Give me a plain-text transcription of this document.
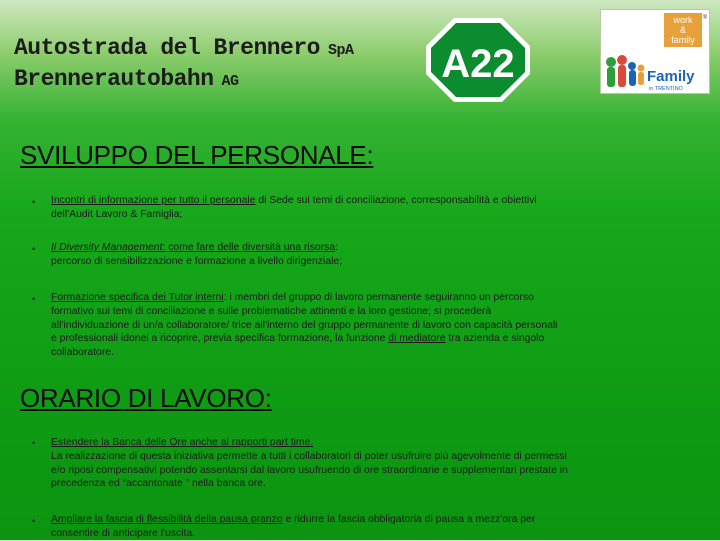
Autostrada del Brennero SpA
Brennerautobahn AG	A22
work
&
family
®
Family
in TRENTINO
SVILUPPO DEL PERSONALE:
• Incontri di informazione per tutto il personale di Sede sui temi di conciliazione, corresponsabilità e obiettivi
dell'Audit Lavoro & Famiglia;
• Il Diversity Management: come fare delle diversità una risorsa:
percorso di sensibilizzazione e formazione a livello dirigenziale;
• Formazione specifica dei Tutor interni: i membri del gruppo di lavoro permanente seguiranno un percorso
formativo sui temi di conciliazione e sulle problematiche attinenti e la loro gestione; si procederà
all'individuazione di un/a collaboratore/ trice all'interno del gruppo permanente di lavoro con capacità personali
e professionali idonei a ricoprire, previa specifica formazione, la funzione di mediatore tra azienda e singolo
collaboratore.
ORARIO DI LAVORO:
• Estendere la Banca delle Ore anche ai rapporti part time.
La realizzazione di questa iniziativa permette a tutti i collaboratori di poter usufruire più agevolmente di permessi
e/o riposi compensativi potendo assentarsi dal lavoro usufruendo di ore straordinarie e supplementari prestate in
precedenza ed “accantonate ” nella banca ore.
• Ampliare la fascia di flessibilità della pausa pranzo e ridurre la fascia obbligatoria di pausa a mezz'ora per
consentire di anticipare l'uscita.
